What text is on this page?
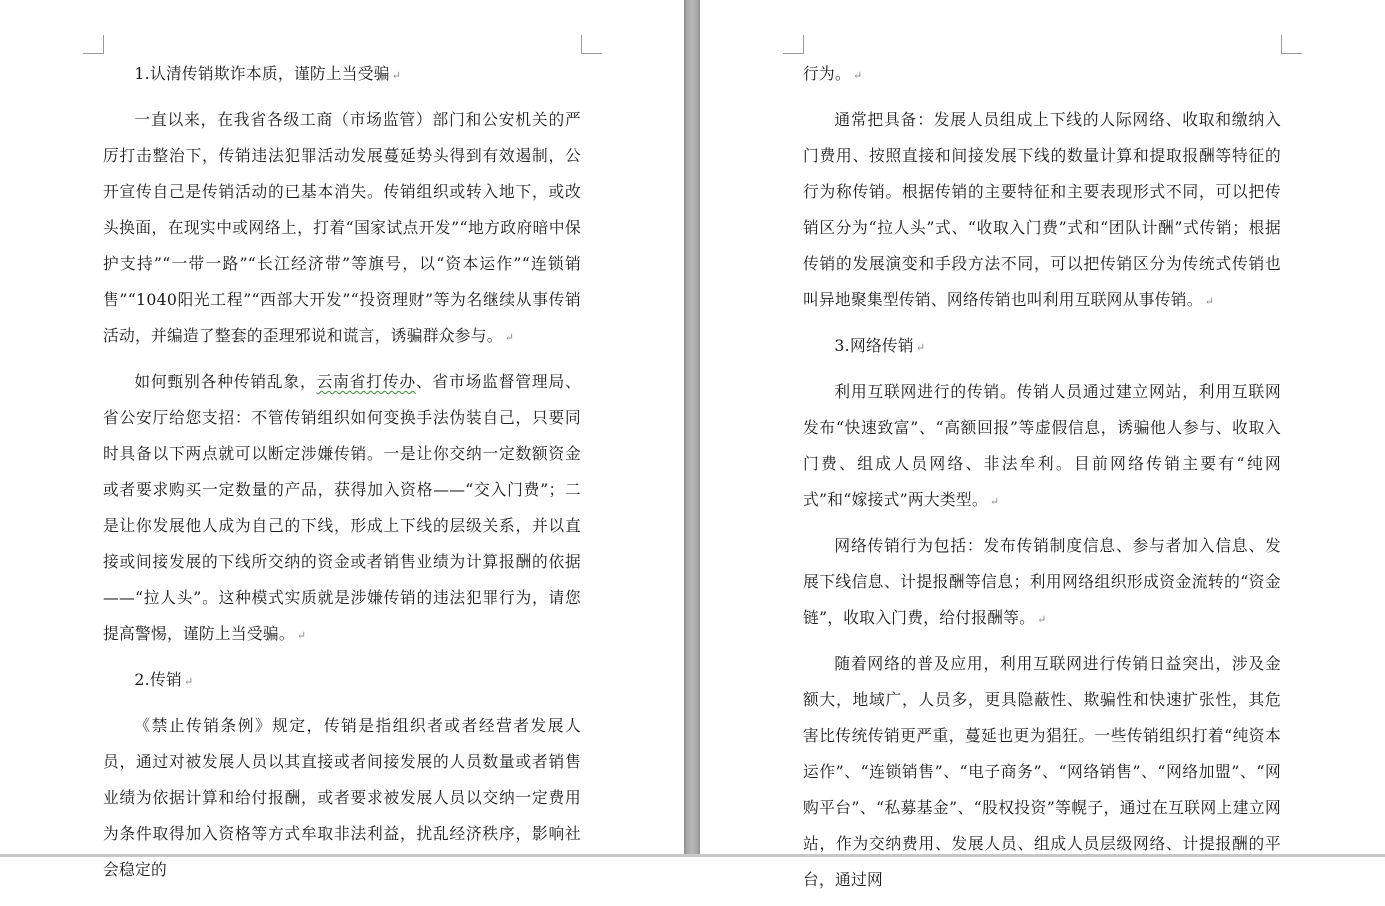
1.认清传销欺诈本质，谨防上当受骗 ↵

一直以来，在我省各级工商（市场监管）部门和公安机关的严厉打击整治下，传销违法犯罪活动发展蔓延势头得到有效遏制，公开宣传自己是传销活动的已基本消失。传销组织或转入地下，或改头换面，在现实中或网络上，打着“国家试点开发”“地方政府暗中保护支持”“一带一路”“长江经济带”等旗号，以“资本运作”“连锁销售”“1040阳光工程”“西部大开发”“投资理财”等为名继续从事传销活动，并编造了整套的歪理邪说和谎言，诱骗群众参与。 ↵

如何甄别各种传销乱象，云南省打传办、省市场监督管理局、省公安厅给您支招：不管传销组织如何变换手法伪装自己，只要同时具备以下两点就可以断定涉嫌传销。一是让你交纳一定数额资金或者要求购买一定数量的产品，获得加入资格——“交入门费”；二是让你发展他人成为自己的下线，形成上下线的层级关系，并以直接或间接发展的下线所交纳的资金或者销售业绩为计算报酬的依据——“拉人头”。这种模式实质就是涉嫌传销的违法犯罪行为，请您提高警惕，谨防上当受骗。 ↵

2.传销 ↵

《禁止传销条例》规定，传销是指组织者或者经营者发展人员，通过对被发展人员以其直接或者间接发展的人员数量或者销售业绩为依据计算和给付报酬，或者要求被发展人员以交纳一定费用为条件取得加入资格等方式牟取非法利益，扰乱经济秩序，影响社会稳定的

行为。 ↵

通常把具备：发展人员组成上下线的人际网络、收取和缴纳入门费用、按照直接和间接发展下线的数量计算和提取报酬等特征的行为称传销。根据传销的主要特征和主要表现形式不同，可以把传销区分为“拉人头”式、“收取入门费”式和“团队计酬”式传销；根据传销的发展演变和手段方法不同，可以把传销区分为传统式传销也叫异地聚集型传销、网络传销也叫利用互联网从事传销。 ↵

3.网络传销 ↵

利用互联网进行的传销。传销人员通过建立网站，利用互联网发布“快速致富”、“高额回报”等虚假信息，诱骗他人参与、收取入门费、组成人员网络、非法牟利。目前网络传销主要有“纯网式”和“嫁接式”两大类型。 ↵

网络传销行为包括：发布传销制度信息、参与者加入信息、发展下线信息、计提报酬等信息；利用网络组织形成资金流转的“资金链”，收取入门费，给付报酬等。 ↵

随着网络的普及应用，利用互联网进行传销日益突出，涉及金额大，地域广，人员多，更具隐蔽性、欺骗性和快速扩张性，其危害比传统传销更严重，蔓延也更为猖狂。一些传销组织打着“纯资本运作”、“连锁销售”、“电子商务”、“网络销售”、“网络加盟”、“网购平台”、“私募基金”、“股权投资”等幌子，通过在互联网上建立网站，作为交纳费用、发展人员、组成人员层级网络、计提报酬的平台，通过网
